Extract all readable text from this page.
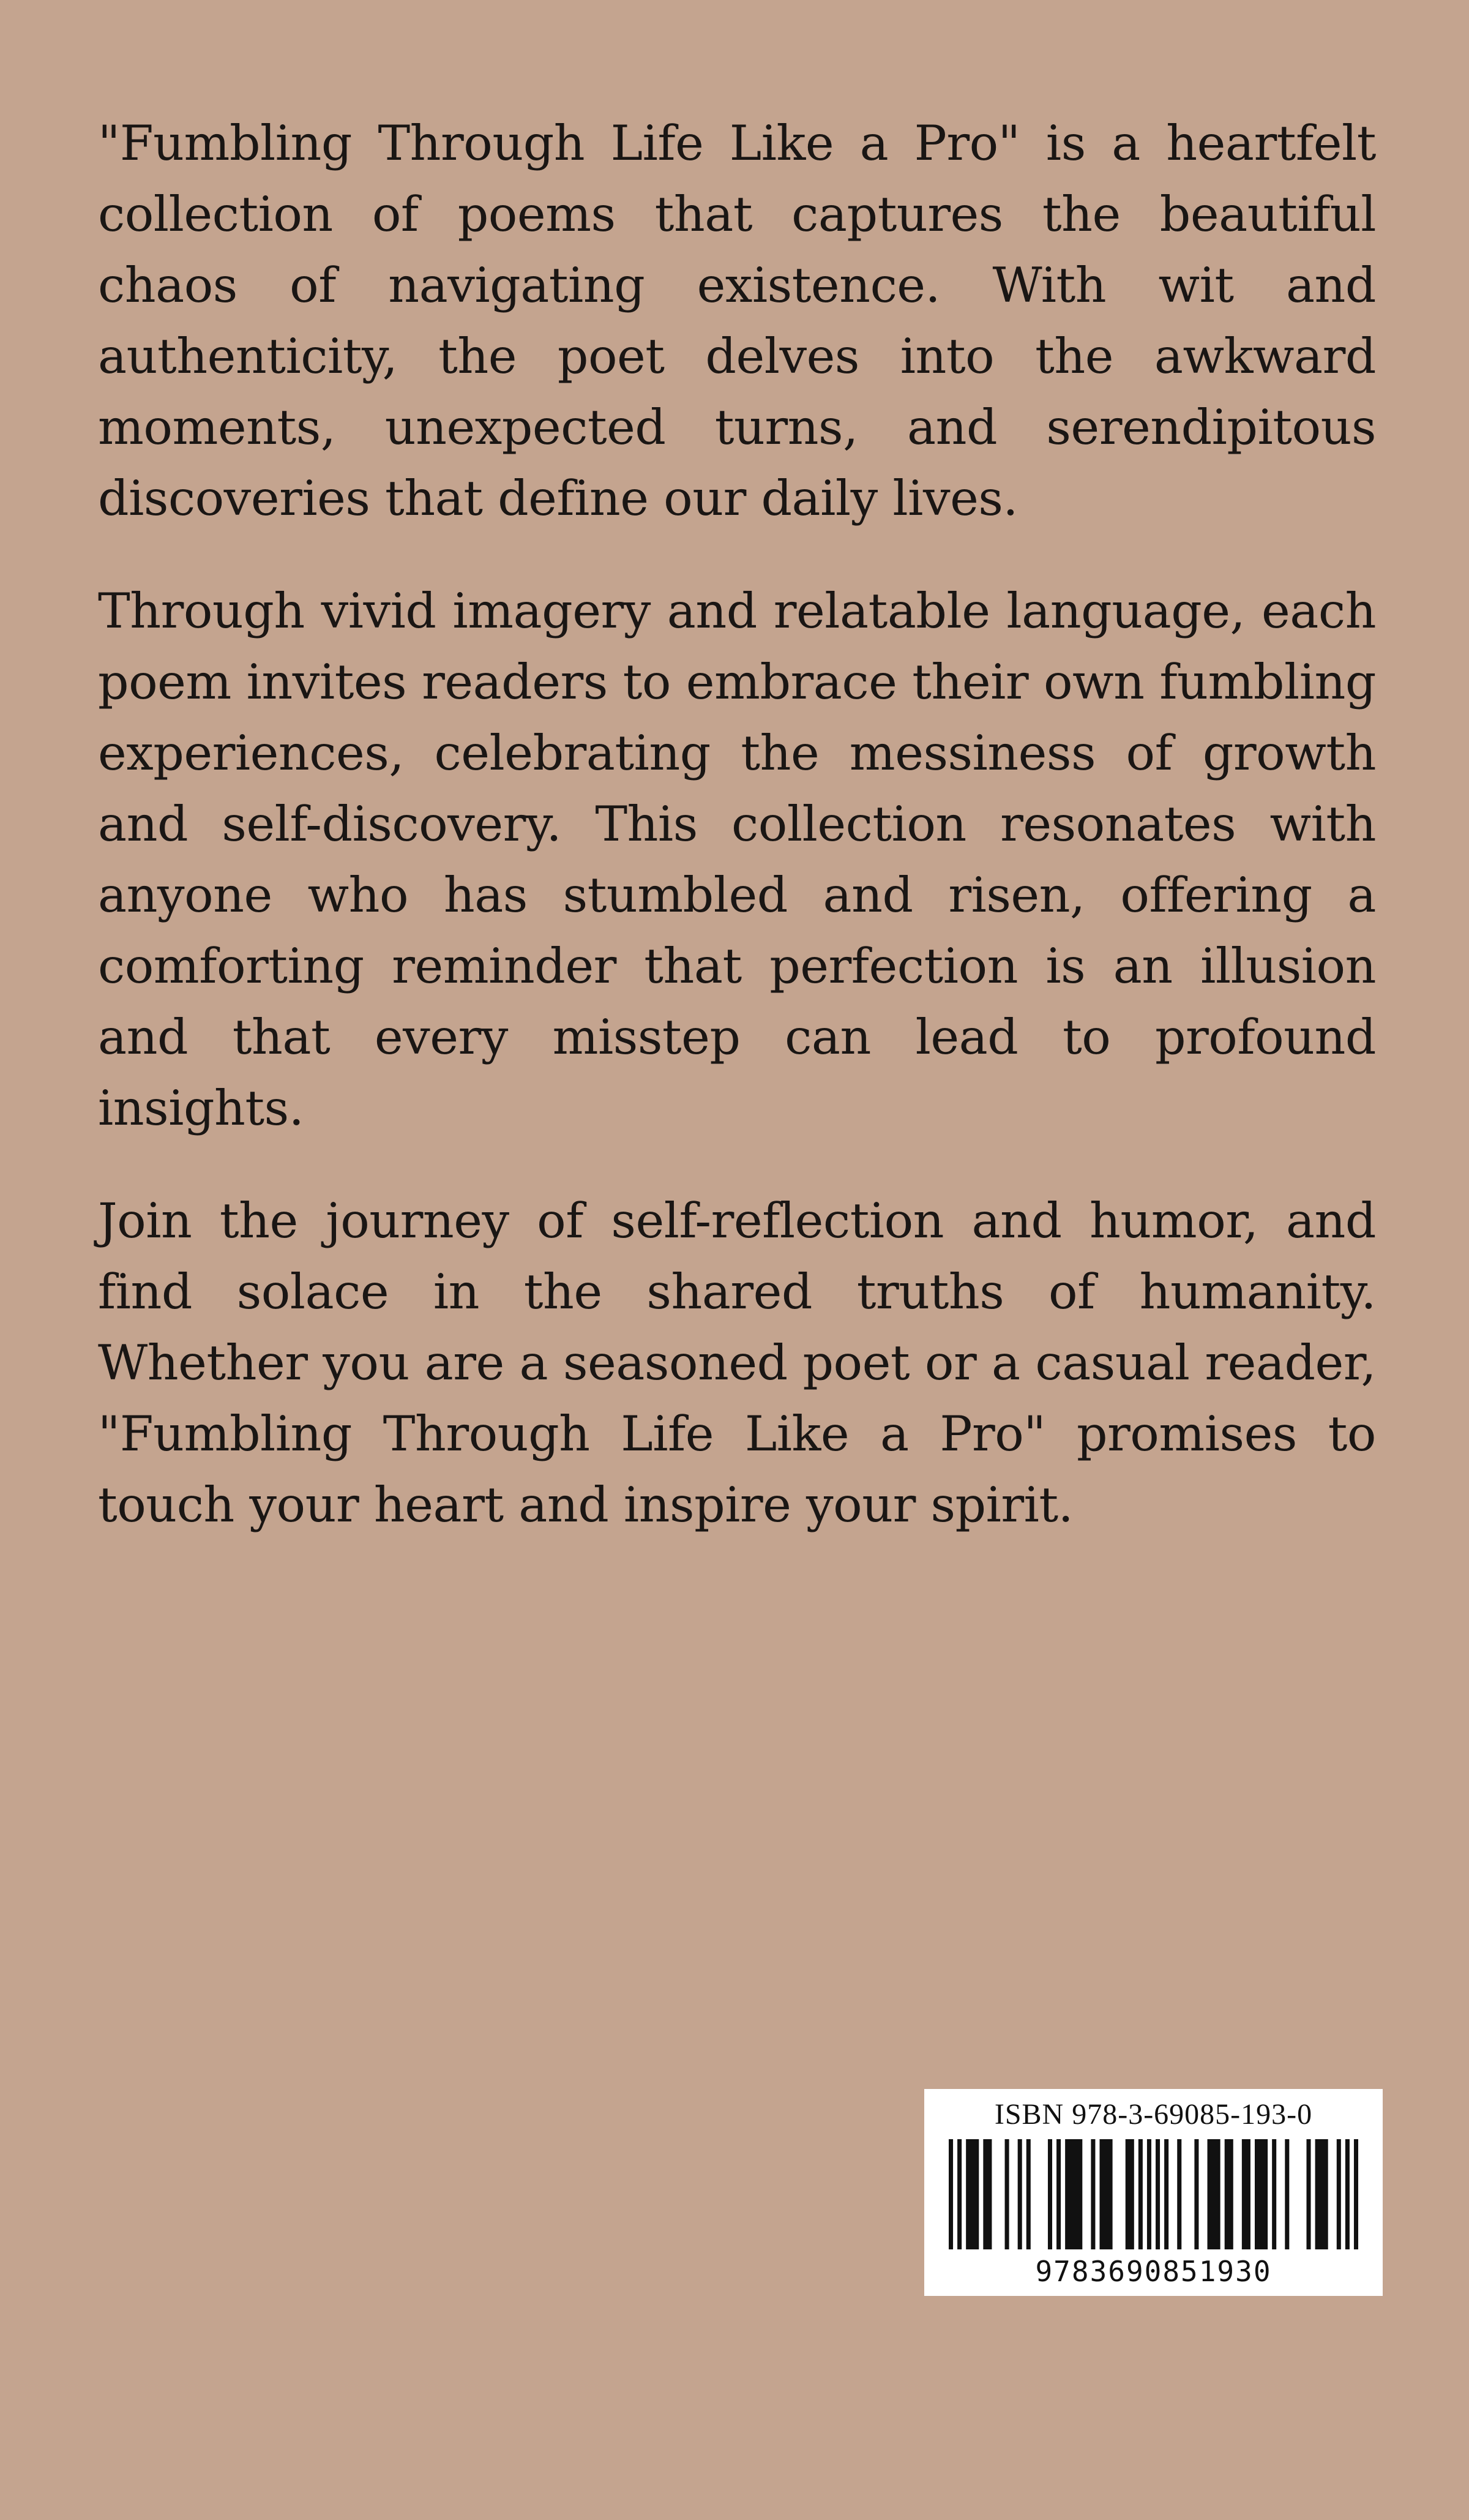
"Fumbling Through Life Like a Pro" is a heartfelt collection of poems that captures the beautiful chaos of navigating existence. With wit and authenticity, the poet delves into the awkward moments, unexpected turns, and serendipitous discoveries that define our daily lives.

Through vivid imagery and relatable language, each poem invites readers to embrace their own fumbling experiences, celebrating the messiness of growth and self-discovery. This collection resonates with anyone who has stumbled and risen, offering a comforting reminder that perfection is an illusion and that every misstep can lead to profound insights.

Join the journey of self-reflection and humor, and find solace in the shared truths of humanity. Whether you are a seasoned poet or a casual reader, "Fumbling Through Life Like a Pro" promises to touch your heart and inspire your spirit.

ISBN 978-3-69085-193-0
9783690851930
